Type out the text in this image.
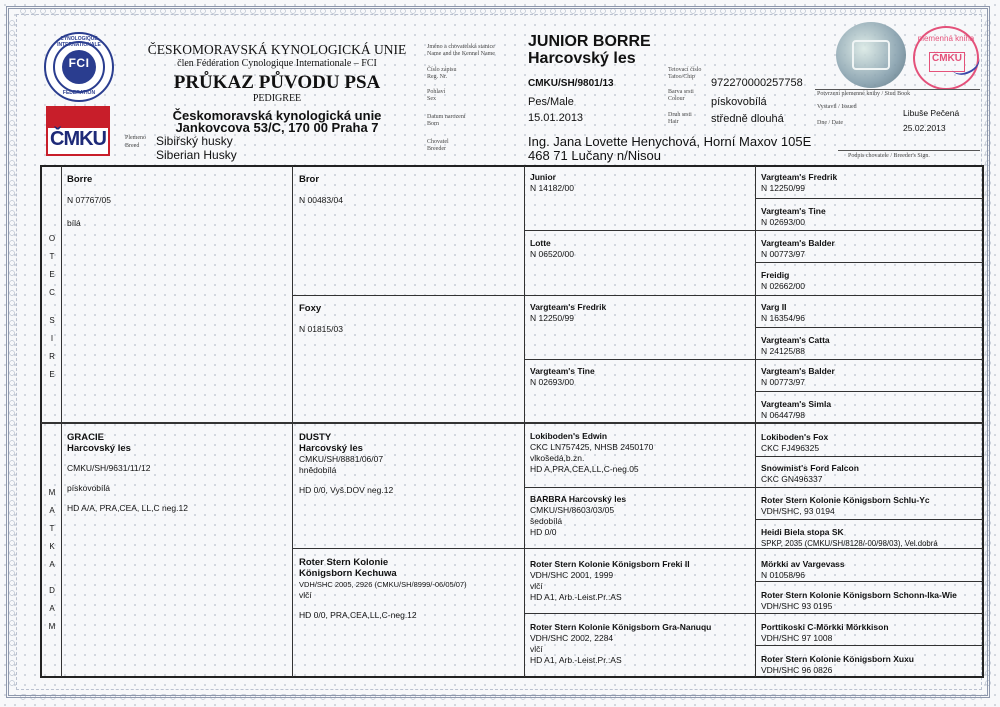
CYNOLOGIQUE INTERNATIONALE
FCI
FEDERATION
ČMKU
ČESKOMORAVSKÁ KYNOLOGICKÁ UNIE
člen Fédération Cynologique Internationale – FCI
PRŮKAZ PŮVODU PSA
PEDIGREE
Českomoravská kynologická unie
Jankovcova 53/C, 170 00 Praha 7
Plemeno
Breed Sibiřský husky
Siberian Husky
Jméno a chovatelská stanice
Name and the Kennel Name
Číslo zápisu
Reg. Nr.
Pohlaví
Sex
Datum narození
Born
Chovatel
Breeder
JUNIOR BORRE
Harcovský les
CMKU/SH/9801/13
Pes/Male
15.01.2013
Ing. Jana Lovette Henychová, Horní Maxov 105E
468 71 Lučany n/Nisou
Tetovací číslo
Tatoo/Chip
Barva srsti
Colour
Druh srsti
Hair
972270000257758
pískovobílá
středně dlouhá
plemenná kniha
ČMKU
Potvrzení plemenné knihy / Stud Book
Vystavil / Issued
Dne / Date
Libuše Pečená
25.02.2013
Podpis chovatele / Breeder's Sign.
O
T
E
C
S
I
R
E
M
A
T
K
A
D
A
M
Borre
N 07767/05
bílá
GRACIE
Harcovský les
CMKU/SH/9631/11/12
pískovobílá
HD A/A, PRA,CEA, LL,C neg.12
Bror
N 00483/04
Foxy
N 01815/03
DUSTY
Harcovský les
CMKU/SH/8881/06/07
hnědobílá
HD 0/0, Vyš.DOV neg.12
Roter Stern Kolonie
Königsborn Kechuwa
VDH/SHC 2005, 2926 (CMKU/SH/8999/-06/05/07)
vlčí
HD 0/0, PRA,CEA,LL,C-neg.12
Junior
N 14182/00
Lotte
N 06520/00
Vargteam's Fredrik
N 12250/99
Vargteam's Tine
N 02693/00
Lokiboden's Edwin
CKC LN757425, NHSB 2450170
vlkošedá,b.zn.
HD A,PRA,CEA,LL,C-neg.05
BARBRA Harcovský les
CMKU/SH/8603/03/05
šedobílá
HD 0/0
Roter Stern Kolonie Königsborn Freki II
VDH/SHC 2001, 1999
vlčí
HD A1, Arb.-Leist.Pr.:AS
Roter Stern Kolonie Königsborn Gra-Nanuqu
VDH/SHC 2002, 2284
vlčí
HD A1, Arb.-Leist.Pr.:AS
Vargteam's Fredrik
N 12250/99
Vargteam's Tine
N 02693/00
Vargteam's Balder
N 00773/97
Freidig
N 02662/00
Varg II
N 16354/96
Vargteam's Catta
N 24125/88
Vargteam's Balder
N 00773/97
Vargteam's Simla
N 06447/98
Lokiboden's Fox
CKC FJ496325
Snowmist's Ford Falcon
CKC GN496337
Roter Stern Kolonie Königsborn Schlu-Yc
VDH/SHC, 93 0194
Heidi Biela stopa SK
SPKP, 2035 (CMKU/SH/8128/-00/98/03), Vel.dobrá
Mörkki av Vargevass
N 01058/96
Roter Stern Kolonie Königsborn Schonn-Ika-Wie
VDH/SHC 93 0195
Porttikoski C-Mörkki Mörkkison
VDH/SHC 97 1008
Roter Stern Kolonie Königsborn Xuxu
VDH/SHC 96 0826
